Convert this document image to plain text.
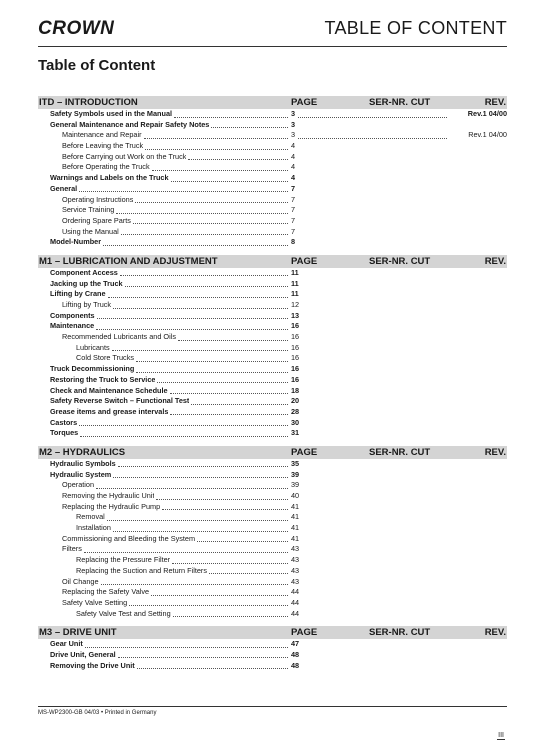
CROWN	TABLE OF CONTENT
Table of Content
ITD – INTRODUCTION	PAGE	SER-NR. CUT	REV.
Safety Symbols used in the Manual	3	Rev.1 04/00
General Maintenance and Repair Safety Notes	3
Maintenance and Repair	3	Rev.1 04/00
Before Leaving the Truck	4
Before Carrying out Work on the Truck	4
Before Operating the Truck	4
Warnings and Labels on the Truck	4
General	7
Operating Instructions	7
Service Training	7
Ordering Spare Parts	7
Using the Manual	7
Model-Number	8
M1 – LUBRICATION AND ADJUSTMENT	PAGE	SER-NR. CUT	REV.
Component Access	11
Jacking up the Truck	11
Lifting by Crane	11
Lifting by Truck	12
Components	13
Maintenance	16
Recommended Lubricants and Oils	16
Lubricants	16
Cold Store Trucks	16
Truck Decommissioning	16
Restoring the Truck to Service	16
Check and Maintenance Schedule	18
Safety Reverse Switch – Functional Test	20
Grease items and grease intervals	28
Castors	30
Torques	31
M2 – HYDRAULICS	PAGE	SER-NR. CUT	REV.
Hydraulic Symbols	35
Hydraulic System	39
Operation	39
Removing the Hydraulic Unit	40
Replacing the Hydraulic Pump	41
Removal	41
Installation	41
Commissioning and Bleeding the System	41
Filters	43
Replacing the Pressure Filter	43
Replacing the Suction and Return Filters	43
Oil Change	43
Replacing the Safety Valve	44
Safety Valve Setting	44
Safety Valve Test and Setting	44
M3 – DRIVE UNIT	PAGE	SER-NR. CUT	REV.
Gear Unit	47
Drive Unit, General	48
Removing the Drive Unit	48
MS-WP2300-GB 04/03 • Printed in Germany
III
